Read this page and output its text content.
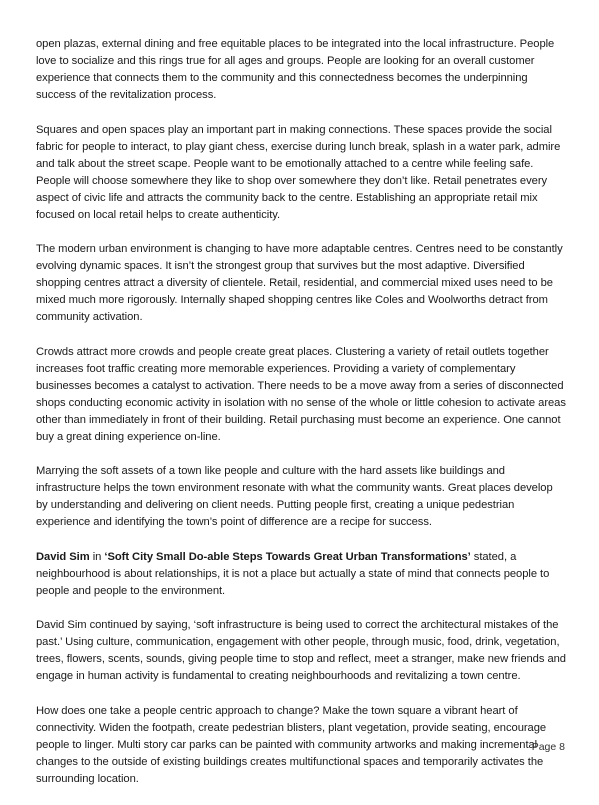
open plazas, external dining and free equitable places to be integrated into the local infrastructure. People love to socialize and this rings true for all ages and groups. People are looking for an overall customer experience that connects them to the community and this connectedness becomes the underpinning success of the revitalization process.

Squares and open spaces play an important part in making connections. These spaces provide the social fabric for people to interact, to play giant chess, exercise during lunch break, splash in a water park, admire and talk about the street scape. People want to be emotionally attached to a centre while feeling safe. People will choose somewhere they like to shop over somewhere they don’t like. Retail penetrates every aspect of civic life and attracts the community back to the centre. Establishing an appropriate retail mix focused on local retail helps to create authenticity.

The modern urban environment is changing to have more adaptable centres. Centres need to be constantly evolving dynamic spaces. It isn’t the strongest group that survives but the most adaptive. Diversified shopping centres attract a diversity of clientele. Retail, residential, and commercial mixed uses need to be mixed much more rigorously. Internally shaped shopping centres like Coles and Woolworths detract from community activation.

Crowds attract more crowds and people create great places. Clustering a variety of retail outlets together increases foot traffic creating more memorable experiences. Providing a variety of complementary businesses becomes a catalyst to activation. There needs to be a move away from a series of disconnected shops conducting economic activity in isolation with no sense of the whole or little cohesion to activate areas other than immediately in front of their building. Retail purchasing must become an experience. One cannot buy a great dining experience on-line.

Marrying the soft assets of a town like people and culture with the hard assets like buildings and infrastructure helps the town environment resonate with what the community wants. Great places develop by understanding and delivering on client needs. Putting people first, creating a unique pedestrian experience and identifying the town’s point of difference are a recipe for success.

David Sim in ‘Soft City Small Do-able Steps Towards Great Urban Transformations’ stated, a neighbourhood is about relationships, it is not a place but actually a state of mind that connects people to people and people to the environment.

David Sim continued by saying, ‘soft infrastructure is being used to correct the architectural mistakes of the past.’ Using culture, communication, engagement with other people, through music, food, drink, vegetation, trees, flowers, scents, sounds, giving people time to stop and reflect, meet a stranger, make new friends and engage in human activity is fundamental to creating neighbourhoods and revitalizing a town centre.

How does one take a people centric approach to change? Make the town square a vibrant heart of connectivity. Widen the footpath, create pedestrian blisters, plant vegetation, provide seating, encourage people to linger. Multi story car parks can be painted with community artworks and making incremental changes to the outside of existing buildings creates multifunctional spaces and temporarily activates the surrounding location.

Page 8
